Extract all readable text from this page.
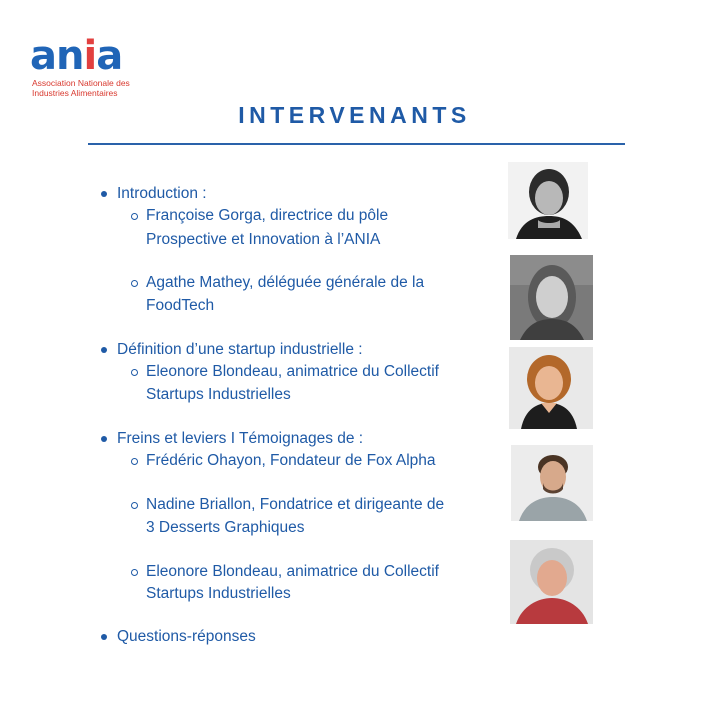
ania
Association Nationale des
Industries Alimentaires
INTERVENANTS
Introduction :
Françoise Gorga, directrice du pôle
Prospective et Innovation à l’ANIA
Agathe Mathey, déléguée générale de la
FoodTech
Définition d’une startup industrielle :
Eleonore Blondeau, animatrice du Collectif
Startups Industrielles
Freins et leviers I Témoignages de :
Frédéric Ohayon, Fondateur de Fox Alpha
Nadine Briallon, Fondatrice et dirigeante de
3 Desserts Graphiques
Eleonore Blondeau, animatrice du Collectif
Startups Industrielles
Questions-réponses
